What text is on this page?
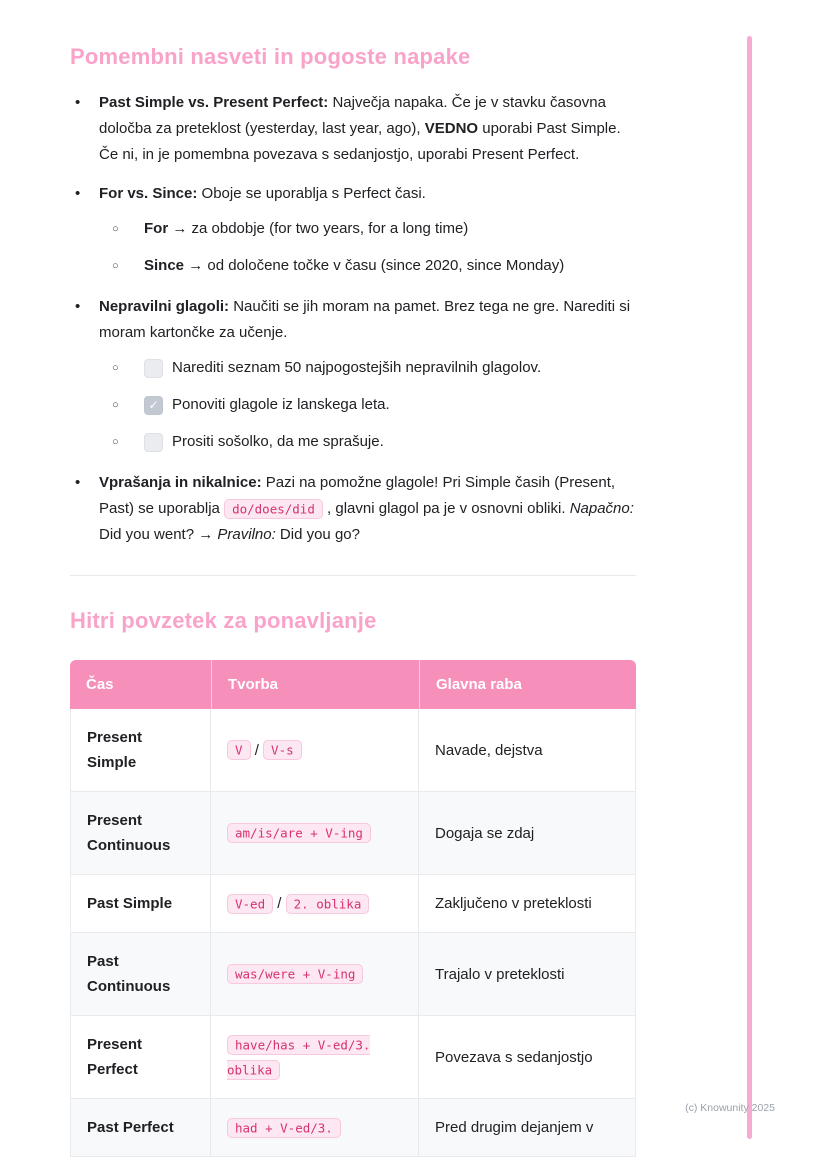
Pomembni nasveti in pogoste napake
•	Past Simple vs. Present Perfect: Največja napaka. Če je v stavku časovna določba za preteklost (yesterday, last year, ago), VEDNO uporabi Past Simple. Če ni, in je pomembna povezava s sedanjostjo, uporabi Present Perfect.
•	For vs. Since: Oboje se uporablja s Perfect časi.
○	For → za obdobje (for two years, for a long time)
○	Since → od določene točke v času (since 2020, since Monday)
•	Nepravilni glagoli: Naučiti se jih moram na pamet. Brez tega ne gre. Narediti si moram kartončke za učenje.
○	Narediti seznam 50 najpogostejših nepravilnih glagolov.
○	✓ Ponoviti glagole iz lanskega leta.
○	Prositi sošolko, da me sprašuje.
•	Vprašanja in nikalnice: Pazi na pomožne glagole! Pri Simple časih (Present, Past) se uporablja do/does/did , glavni glagol pa je v osnovni obliki. Napačno: Did you went? → Pravilno: Did you go?
Hitri povzetek za ponavljanje
Čas	Tvorba	Glavna raba
Present Simple	V / V-s	Navade, dejstva
Present Continuous	am/is/are + V-ing	Dogaja se zdaj
Past Simple	V-ed / 2. oblika	Zaključeno v preteklosti
Past Continuous	was/were + V-ing	Trajalo v preteklosti
Present Perfect	have/has + V-ed/3. oblika	Povezava s sedanjostjo
Past Perfect	had + V-ed/3.	Pred drugim dejanjem v
(c) Knowunity 2025
